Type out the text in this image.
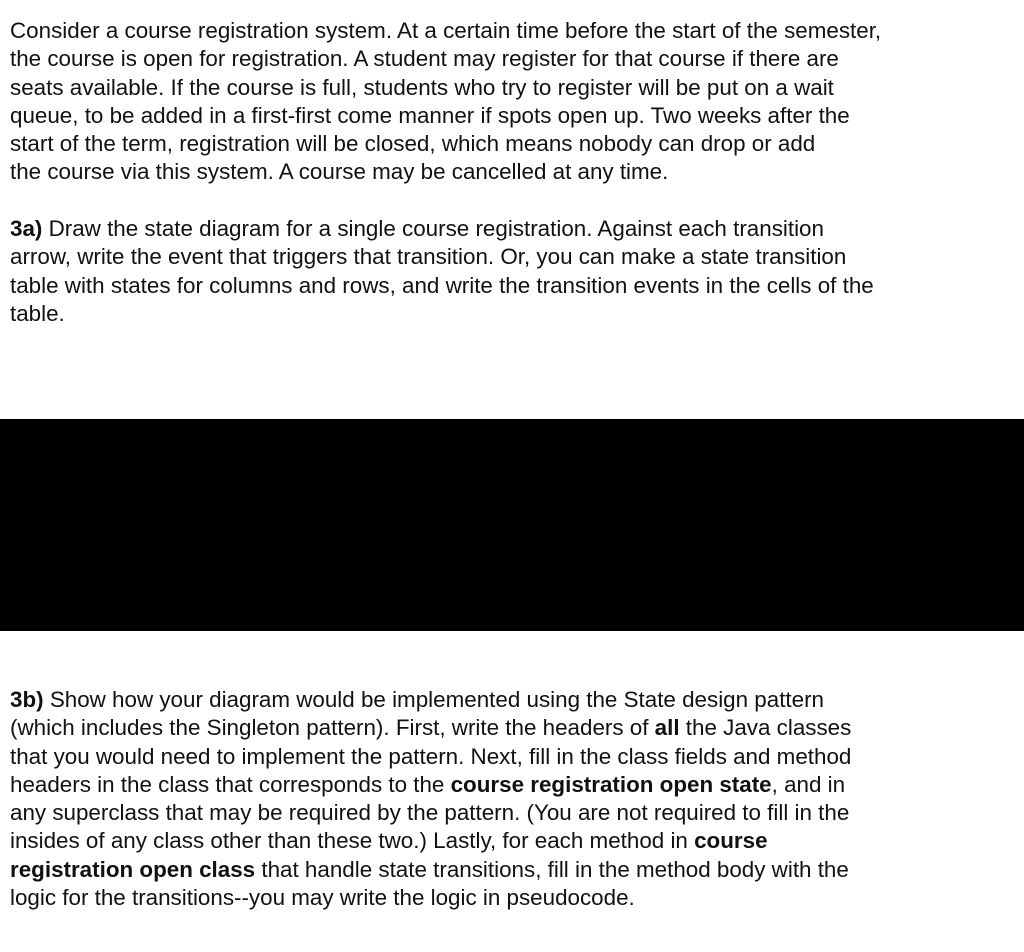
Consider a course registration system. At a certain time before the start of the semester,
the course is open for registration. A student may register for that course if there are
seats available. If the course is full, students who try to register will be put on a wait
queue, to be added in a first-first come manner if spots open up. Two weeks after the
start of the term, registration will be closed, which means nobody can drop or add
the course via this system. A course may be cancelled at any time.
3a) Draw the state diagram for a single course registration. Against each transition
arrow, write the event that triggers that transition. Or, you can make a state transition
table with states for columns and rows, and write the transition events in the cells of the
table.
3b) Show how your diagram would be implemented using the State design pattern
(which includes the Singleton pattern). First, write the headers of all the Java classes
that you would need to implement the pattern. Next, fill in the class fields and method
headers in the class that corresponds to the course registration open state, and in
any superclass that may be required by the pattern. (You are not required to fill in the
insides of any class other than these two.) Lastly, for each method in course
registration open class that handle state transitions, fill in the method body with the
logic for the transitions--you may write the logic in pseudocode.
